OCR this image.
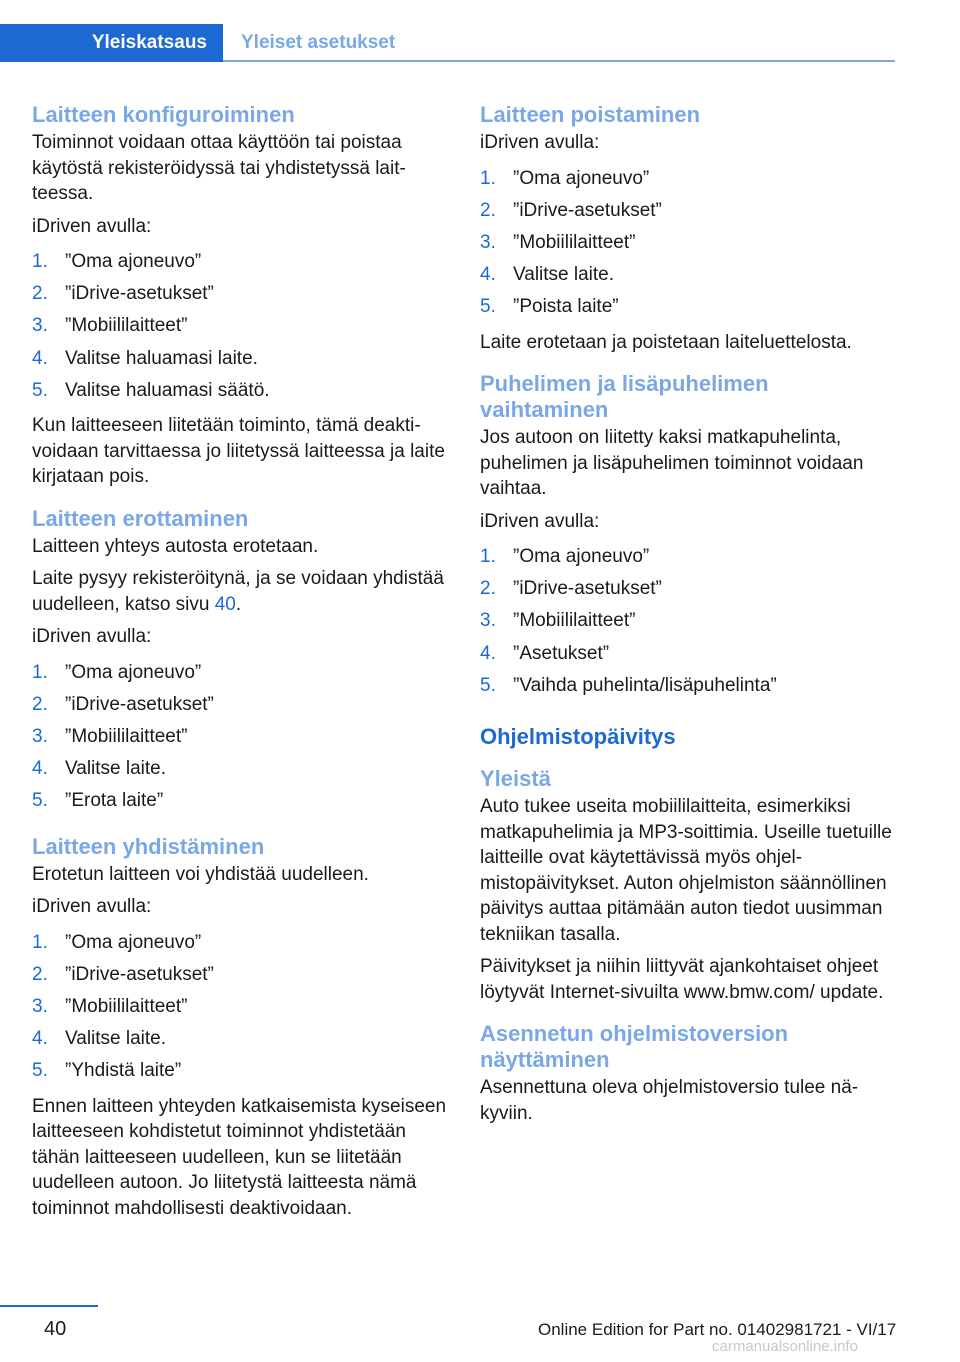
Yleiskatsaus	Yleiset asetukset
Laitteen konfiguroiminen

Toiminnot voidaan ottaa käyttöön tai poistaa käytöstä rekisteröidyssä tai yhdistetyssä laitteessa.

iDriven avulla:

1. ”Oma ajoneuvo”
2. ”iDrive-asetukset”
3. ”Mobiililaitteet”
4. Valitse haluamasi laite.
5. Valitse haluamasi säätö.

Kun laitteeseen liitetään toiminto, tämä deaktivoidaan tarvittaessa jo liitetyssä laitteessa ja laite kirjataan pois.

Laitteen erottaminen

Laitteen yhteys autosta erotetaan.

Laite pysyy rekisteröitynä, ja se voidaan yhdistää uudelleen, katso sivu 40.

iDriven avulla:

1. ”Oma ajoneuvo”
2. ”iDrive-asetukset”
3. ”Mobiililaitteet”
4. Valitse laite.
5. ”Erota laite”
Laitteen yhdistäminen

Erotetun laitteen voi yhdistää uudelleen.

iDriven avulla:

1. ”Oma ajoneuvo”
2. ”iDrive-asetukset”
3. ”Mobiililaitteet”
4. Valitse laite.
5. ”Yhdistä laite”

Ennen laitteen yhteyden katkaisemista kyseiseen laitteeseen kohdistetut toiminnot yhdistetään tähän laitteeseen uudelleen, kun se liitetään uudelleen autoon. Jo liitetystä laitteesta nämä toiminnot mahdollisesti deaktivoidaan.

Laitteen poistaminen

iDriven avulla:

1. ”Oma ajoneuvo”
2. ”iDrive-asetukset”
3. ”Mobiililaitteet”
4. Valitse laite.
5. ”Poista laite”

Laite erotetaan ja poistetaan laiteluettelosta.

Puhelimen ja lisäpuhelimen vaihtaminen

Jos autoon on liitetty kaksi matkapuhelinta, puhelimen ja lisäpuhelimen toiminnot voidaan vaihtaa.

iDriven avulla:

1. ”Oma ajoneuvo”
2. ”iDrive-asetukset”
3. ”Mobiililaitteet”
4. ”Asetukset”
5. ”Vaihda puhelinta/lisäpuhelinta”
Ohjelmistopäivitys
Yleistä

Auto tukee useita mobiililaitteita, esimerkiksi matkapuhelimia ja MP3-soittimia. Useille tuetuille laitteille ovat käytettävissä myös ohjelmistopäivitykset. Auton ohjelmiston säännöllinen päivitys auttaa pitämään auton tiedot uusimman tekniikan tasalla.

Päivitykset ja niihin liittyvät ajankohtaiset ohjeet löytyvät Internet-sivuilta www.bmw.com/ update.

Asennetun ohjelmistoversion näyttäminen

Asennettuna oleva ohjelmistoversio tulee näkyviin.

40	Online Edition for Part no. 01402981721 - VI/17
carmanualsonline.info
